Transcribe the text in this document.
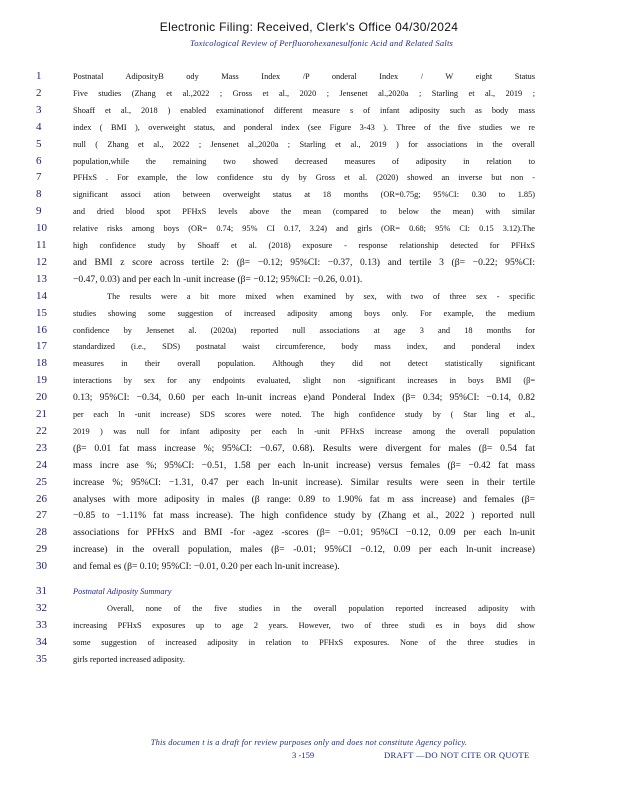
Electronic Filing: Received, Clerk's Office 04/30/2024
Toxicological Review of Perfluorohexanesulfonic Acid and Related Salts
1	Postnatal AdiposityB ody Mass Index /P onderal Index / W eight Status
2	Five studies (Zhang et al.,2022 ; Gross et al., 2020 ; Jensenet al.,2020a ; Starling et al., 2019 ;
3	Shoaff et al., 2018 ) enabled examinationof different measure s of infant adiposity such as body mass
4	index ( BMI ), overweight status, and ponderal index (see Figure 3-43 ). Three of the five studies we re
5	null ( Zhang et al., 2022 ; Jensenet al.,2020a ; Starling et al., 2019 ) for associations in the overall
6	population,while the remaining two showed decreased measures of adiposity in relation to
7	PFHxS . For example, the low confidence stu dy by Gross et al. (2020) showed an inverse but non -
8	significant associ ation between overweight status at 18 months (OR=0.75g; 95%CI: 0.30 to 1.85)
9	and dried blood spot PFHxS levels above the mean (compared to below the mean) with similar
10	relative risks among boys (OR= 0.74; 95% CI 0.17, 3.24) and girls (OR= 0.68; 95% CI: 0.15 3.12).The
11	high confidence study by Shoaff et al. (2018) exposure - response relationship detected for PFHxS
12	and BMI z score across tertile 2: (β= −0.12; 95%CI: −0.37, 0.13) and tertile 3 (β= −0.22; 95%CI:
13	−0.47, 0.03) and per each ln -unit increase (β= −0.12; 95%CI: −0.26, 0.01).
14	The results were a bit more mixed when examined by sex, with two of three sex - specific
15	studies showing some suggestion of increased adiposity among boys only. For example, the medium
16	confidence by Jensenet al. (2020a) reported null associations at age 3 and 18 months for
17	standardized (i.e., SDS) postnatal waist circumference, body mass index, and ponderal index
18	measures in their overall population. Although they did not detect statistically significant
19	interactions by sex for any endpoints evaluated, slight non -significant increases in boys BMI (β=
20	0.13; 95%CI: −0.34, 0.60 per each ln-unit increas e)and Ponderal Index (β= 0.34; 95%CI: −0.14, 0.82
21	per each ln -unit increase) SDS scores were noted. The high confidence study by ( Star ling et al.,
22	2019 ) was null for infant adiposity per each ln -unit PFHxS increase among the overall population
23	(β= 0.01 fat mass increase %; 95%CI: −0.67, 0.68). Results were divergent for males (β= 0.54 fat
24	mass incre ase %; 95%CI: −0.51, 1.58 per each ln-unit increase) versus females (β= −0.42 fat mass
25	increase %; 95%CI: −1.31, 0.47 per each ln-unit increase). Similar results were seen in their tertile
26	analyses with more adiposity in males (β range: 0.89 to 1.90% fat m ass increase) and females (β=
27	−0.85 to −1.11% fat mass increase). The high confidence study by (Zhang et al., 2022 ) reported null
28	associations for PFHxS and BMI -for -agez -scores (β= −0.01; 95%CI −0.12, 0.09 per each ln-unit
29	increase) in the overall population, males (β= -0.01; 95%CI −0.12, 0.09 per each ln-unit increase)
30	and femal es (β= 0.10; 95%CI: −0.01, 0.20 per each ln-unit increase).
31	Postnatal Adiposity Summary
32	Overall, none of the five studies in the overall population reported increased adiposity with
33	increasing PFHxS exposures up to age 2 years. However, two of three studi es in boys did show
34	some suggestion of increased adiposity in relation to PFHxS exposures. None of the three studies in
35	girls reported increased adiposity.
This documen t is a draft for review purposes only and does not constitute Agency policy.
3 -159	DRAFT —DO NOT CITE OR QUOTE
